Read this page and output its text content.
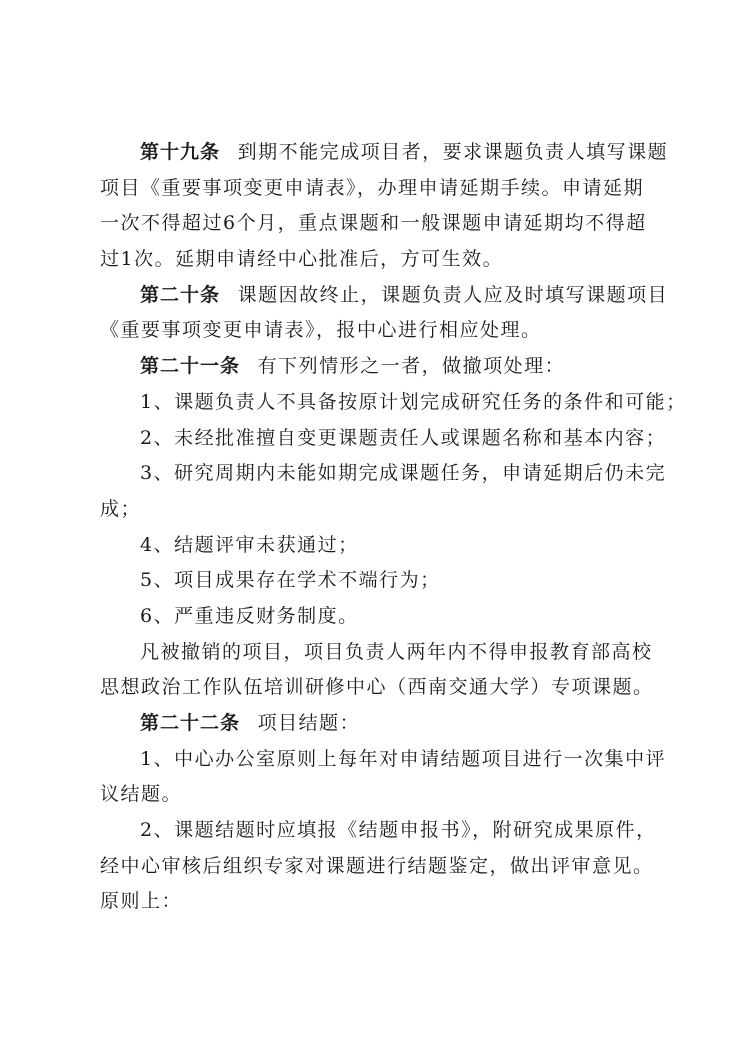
第十九条 到期不能完成项目者，要求课题负责人填写课题
项目《重要事项变更申请表》，办理申请延期手续。申请延期
一次不得超过6个月，重点课题和一般课题申请延期均不得超
过1次。延期申请经中心批准后，方可生效。
第二十条 课题因故终止，课题负责人应及时填写课题项目
《重要事项变更申请表》，报中心进行相应处理。
第二十一条 有下列情形之一者，做撤项处理：
1、课题负责人不具备按原计划完成研究任务的条件和可能；
2、未经批准擅自变更课题责任人或课题名称和基本内容；
3、研究周期内未能如期完成课题任务，申请延期后仍未完
成；
4、结题评审未获通过；
5、项目成果存在学术不端行为；
6、严重违反财务制度。
凡被撤销的项目，项目负责人两年内不得申报教育部高校
思想政治工作队伍培训研修中心（西南交通大学）专项课题。
第二十二条 项目结题：
1、中心办公室原则上每年对申请结题项目进行一次集中评
议结题。
2、课题结题时应填报《结题申报书》，附研究成果原件，
经中心审核后组织专家对课题进行结题鉴定，做出评审意见。
原则上：
